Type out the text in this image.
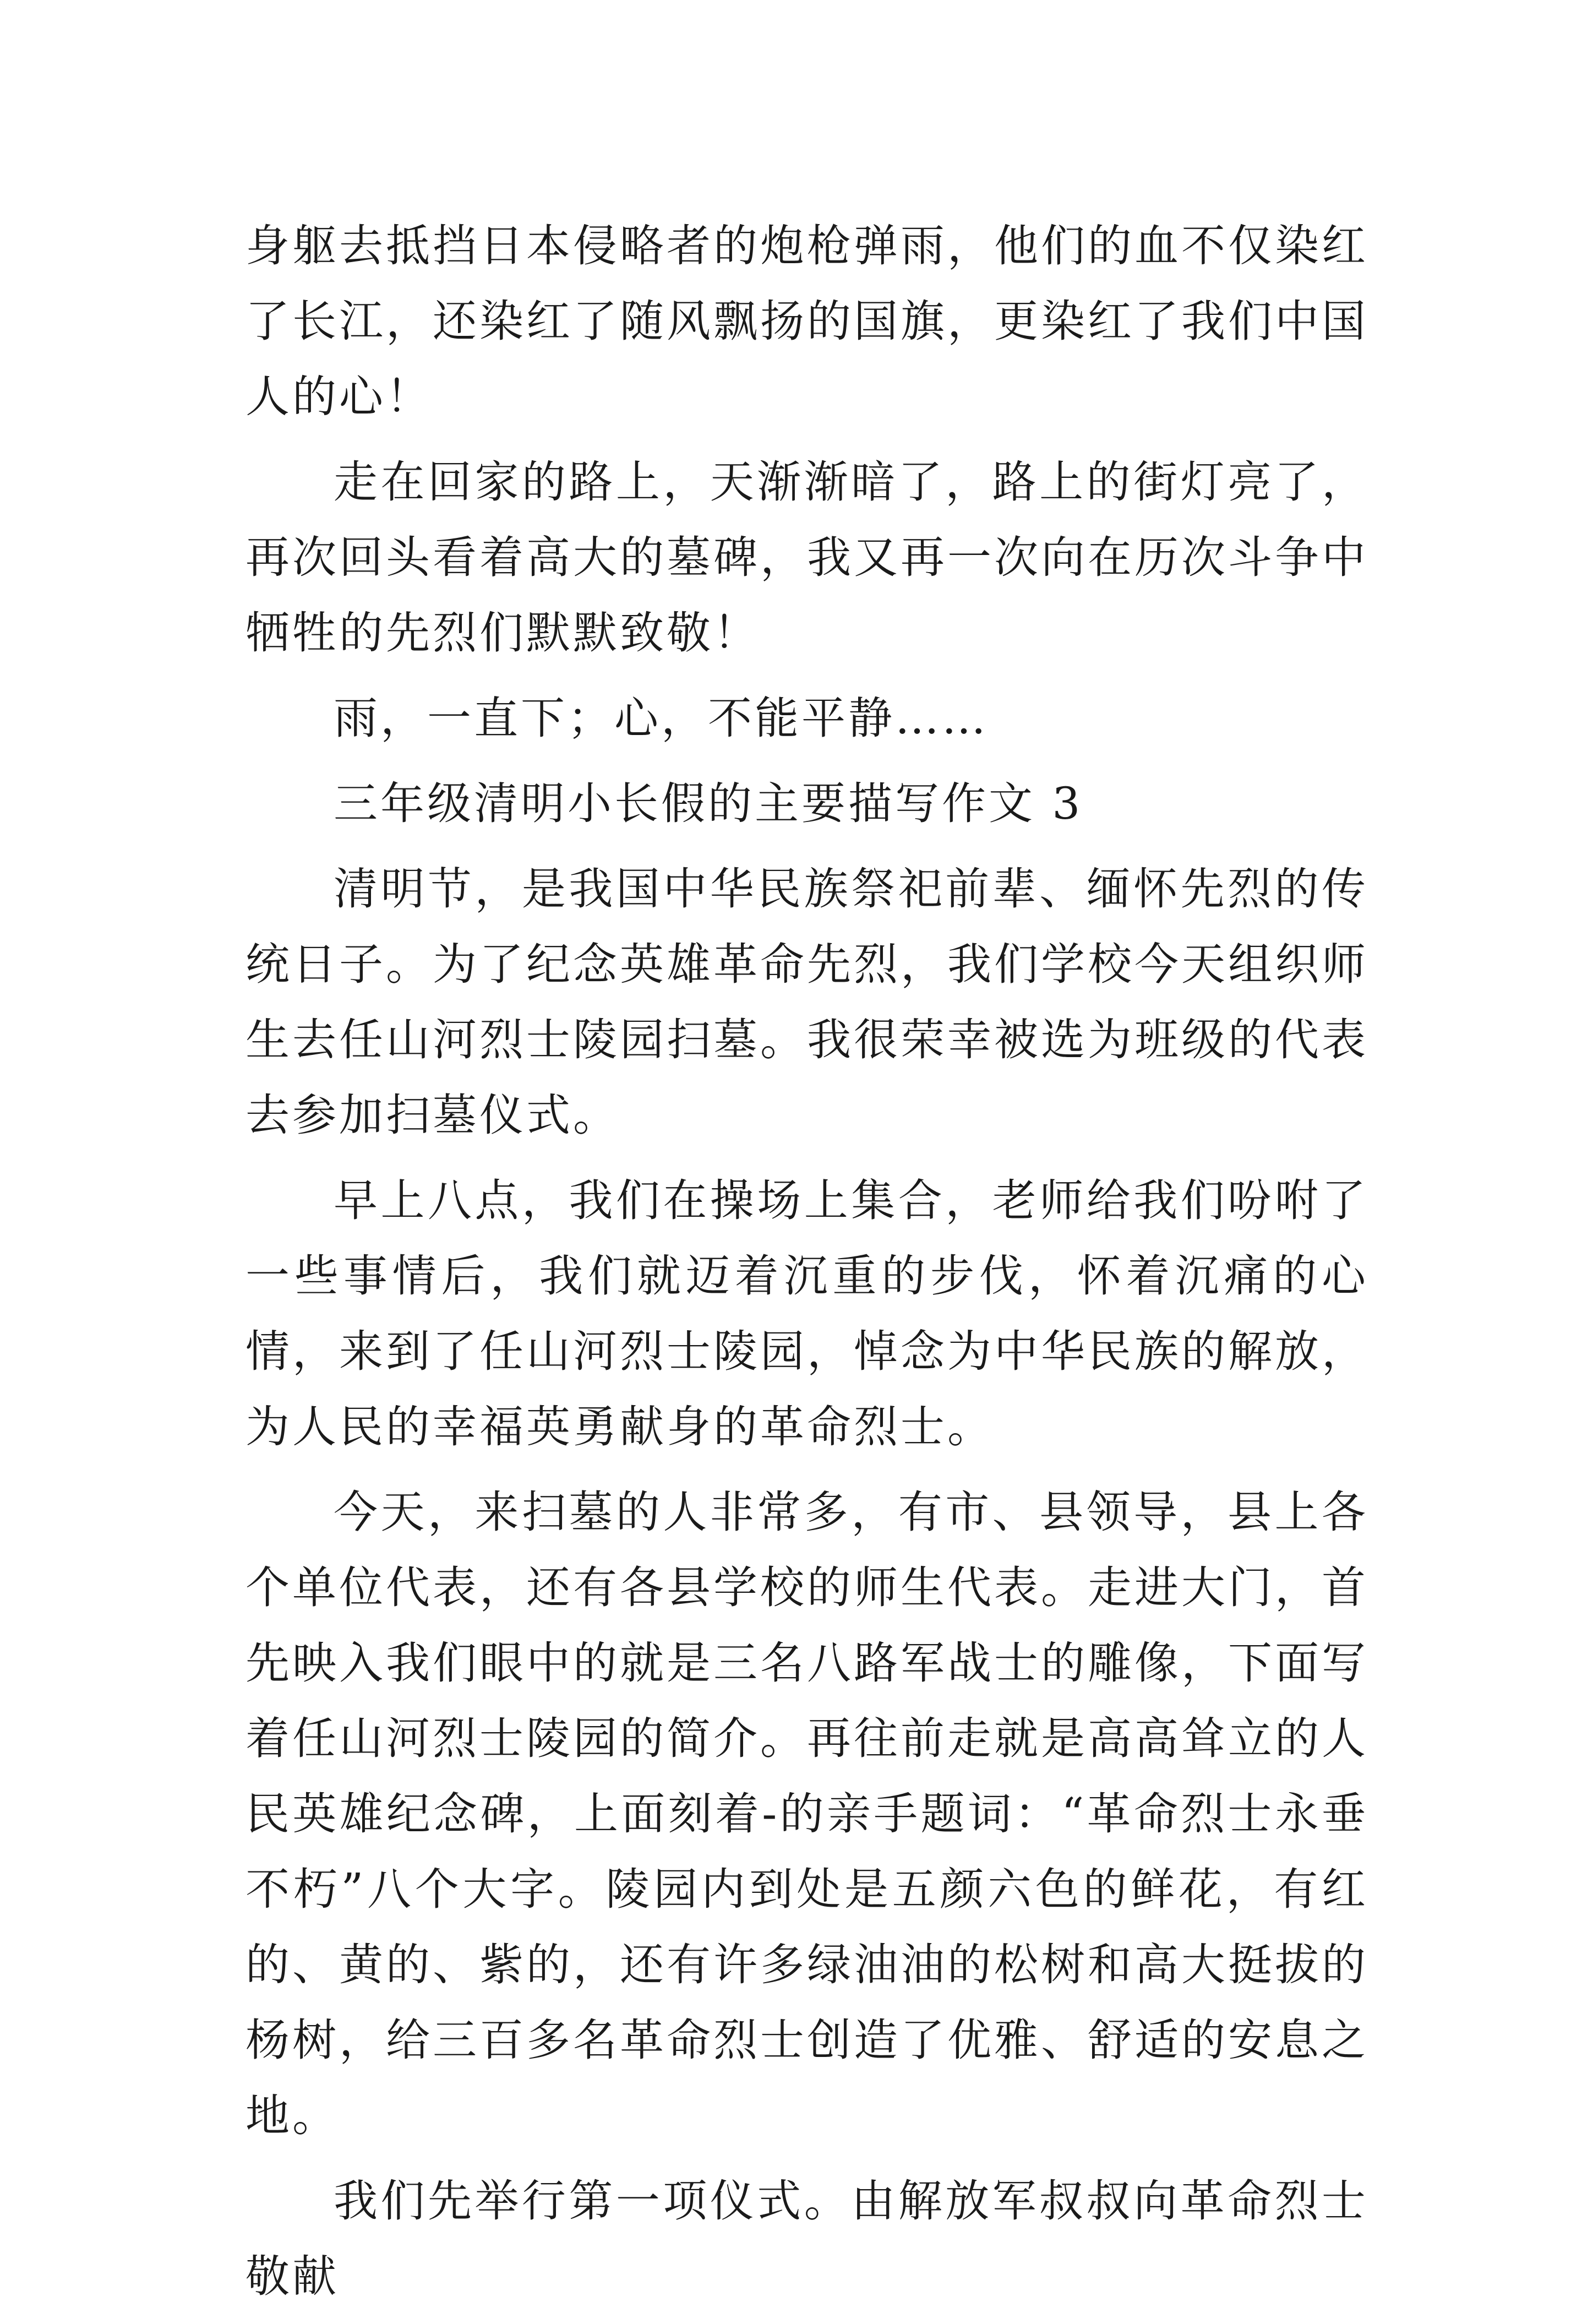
身躯去抵挡日本侵略者的炮枪弹雨，他们的血不仅染红了长江，还染红了随风飘扬的国旗，更染红了我们中国人的心！

走在回家的路上，天渐渐暗了，路上的街灯亮了，再次回头看着高大的墓碑，我又再一次向在历次斗争中牺牲的先烈们默默致敬！

雨，一直下；心，不能平静……

三年级清明小长假的主要描写作文 3

清明节，是我国中华民族祭祀前辈、缅怀先烈的传统日子。为了纪念英雄革命先烈，我们学校今天组织师生去任山河烈士陵园扫墓。我很荣幸被选为班级的代表去参加扫墓仪式。

早上八点，我们在操场上集合，老师给我们吩咐了一些事情后，我们就迈着沉重的步伐，怀着沉痛的心情，来到了任山河烈士陵园，悼念为中华民族的解放，为人民的幸福英勇献身的革命烈士。

今天，来扫墓的人非常多，有市、县领导，县上各个单位代表，还有各县学校的师生代表。走进大门，首先映入我们眼中的就是三名八路军战士的雕像，下面写着任山河烈士陵园的简介。再往前走就是高高耸立的人民英雄纪念碑，上面刻着-的亲手题词：“革命烈士永垂不朽”八个大字。陵园内到处是五颜六色的鲜花，有红的、黄的、紫的，还有许多绿油油的松树和高大挺拔的杨树，给三百多名革命烈士创造了优雅、舒适的安息之地。

我们先举行第一项仪式。由解放军叔叔向革命烈士敬献
